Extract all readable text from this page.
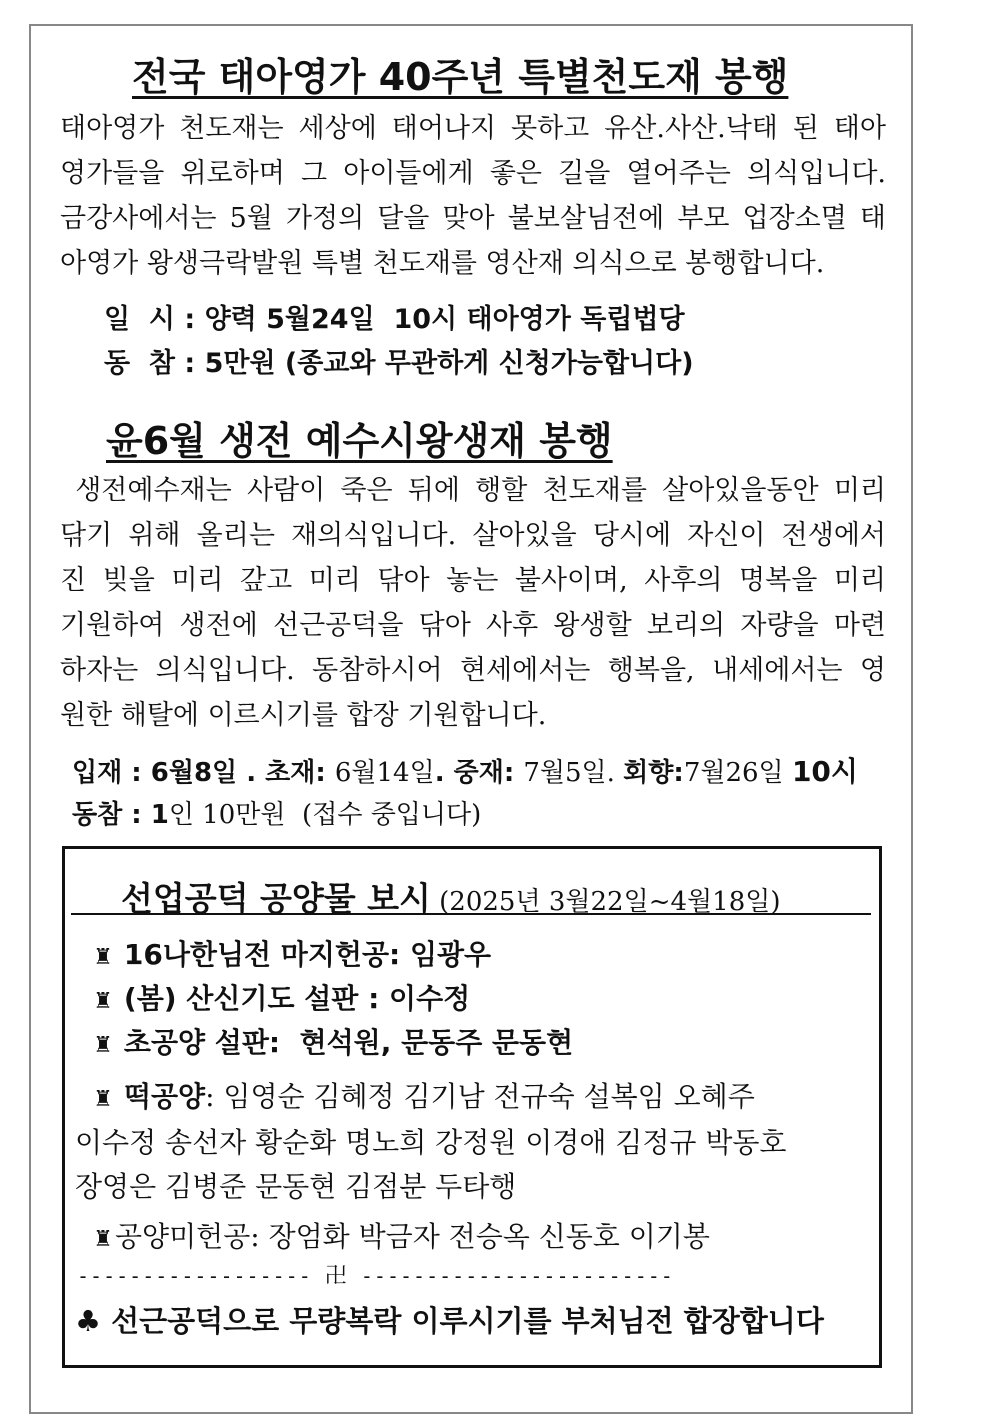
전국 태아영가 40주년 특별천도재 봉행
태아영가 천도재는 세상에 태어나지 못하고 유산.사산.낙태 된 태아
영가들을 위로하며 그 아이들에게 좋은 길을 열어주는 의식입니다.
금강사에서는 5월 가정의 달을 맞아 불보살님전에 부모 업장소멸 태
아영가 왕생극락발원 특별 천도재를 영산재 의식으로 봉행합니다.
일  시 : 양력 5월24일  10시 태아영가 독립법당
동  참 : 5만원 (종교와 무관하게 신청가능합니다)
윤6월 생전 예수시왕생재 봉행
생전예수재는 사람이 죽은 뒤에 행할 천도재를 살아있을동안 미리
닦기 위해 올리는 재의식입니다. 살아있을 당시에 자신이 전생에서
진 빚을 미리 갚고 미리 닦아 놓는 불사이며, 사후의 명복을 미리
기원하여 생전에 선근공덕을 닦아 사후 왕생할 보리의 자량을 마련
하자는 의식입니다. 동참하시어 현세에서는 행복을, 내세에서는 영
원한 해탈에 이르시기를 합장 기원합니다.
입재 : 6월8일 . 초재: 6월14일. 중재: 7월5일. 회향:7월26일 10시
동참 : 1인 10만원  (접수 중입니다)
선업공덕 공양물 보시 (2025년 3월22일~4월18일)
♜ 16나한님전 마지헌공: 임광우
♜ (봄) 산신기도 설판 : 이수정
♜ 초공양 설판:  현석원, 문동주 문동현
♜ 떡공양: 임영순 김혜정 김기남 전규숙 설복임 오혜주
이수정 송선자 황순화 명노희 강정원 이경애 김정규 박동호
장영은 김병준 문동현 김점분 두타행
♜공양미헌공: 장엄화 박금자 전승옥 신동호 이기봉
------------------ 卍 ------------------------
♣ 선근공덕으로 무량복락 이루시기를 부처님전 합장합니다
